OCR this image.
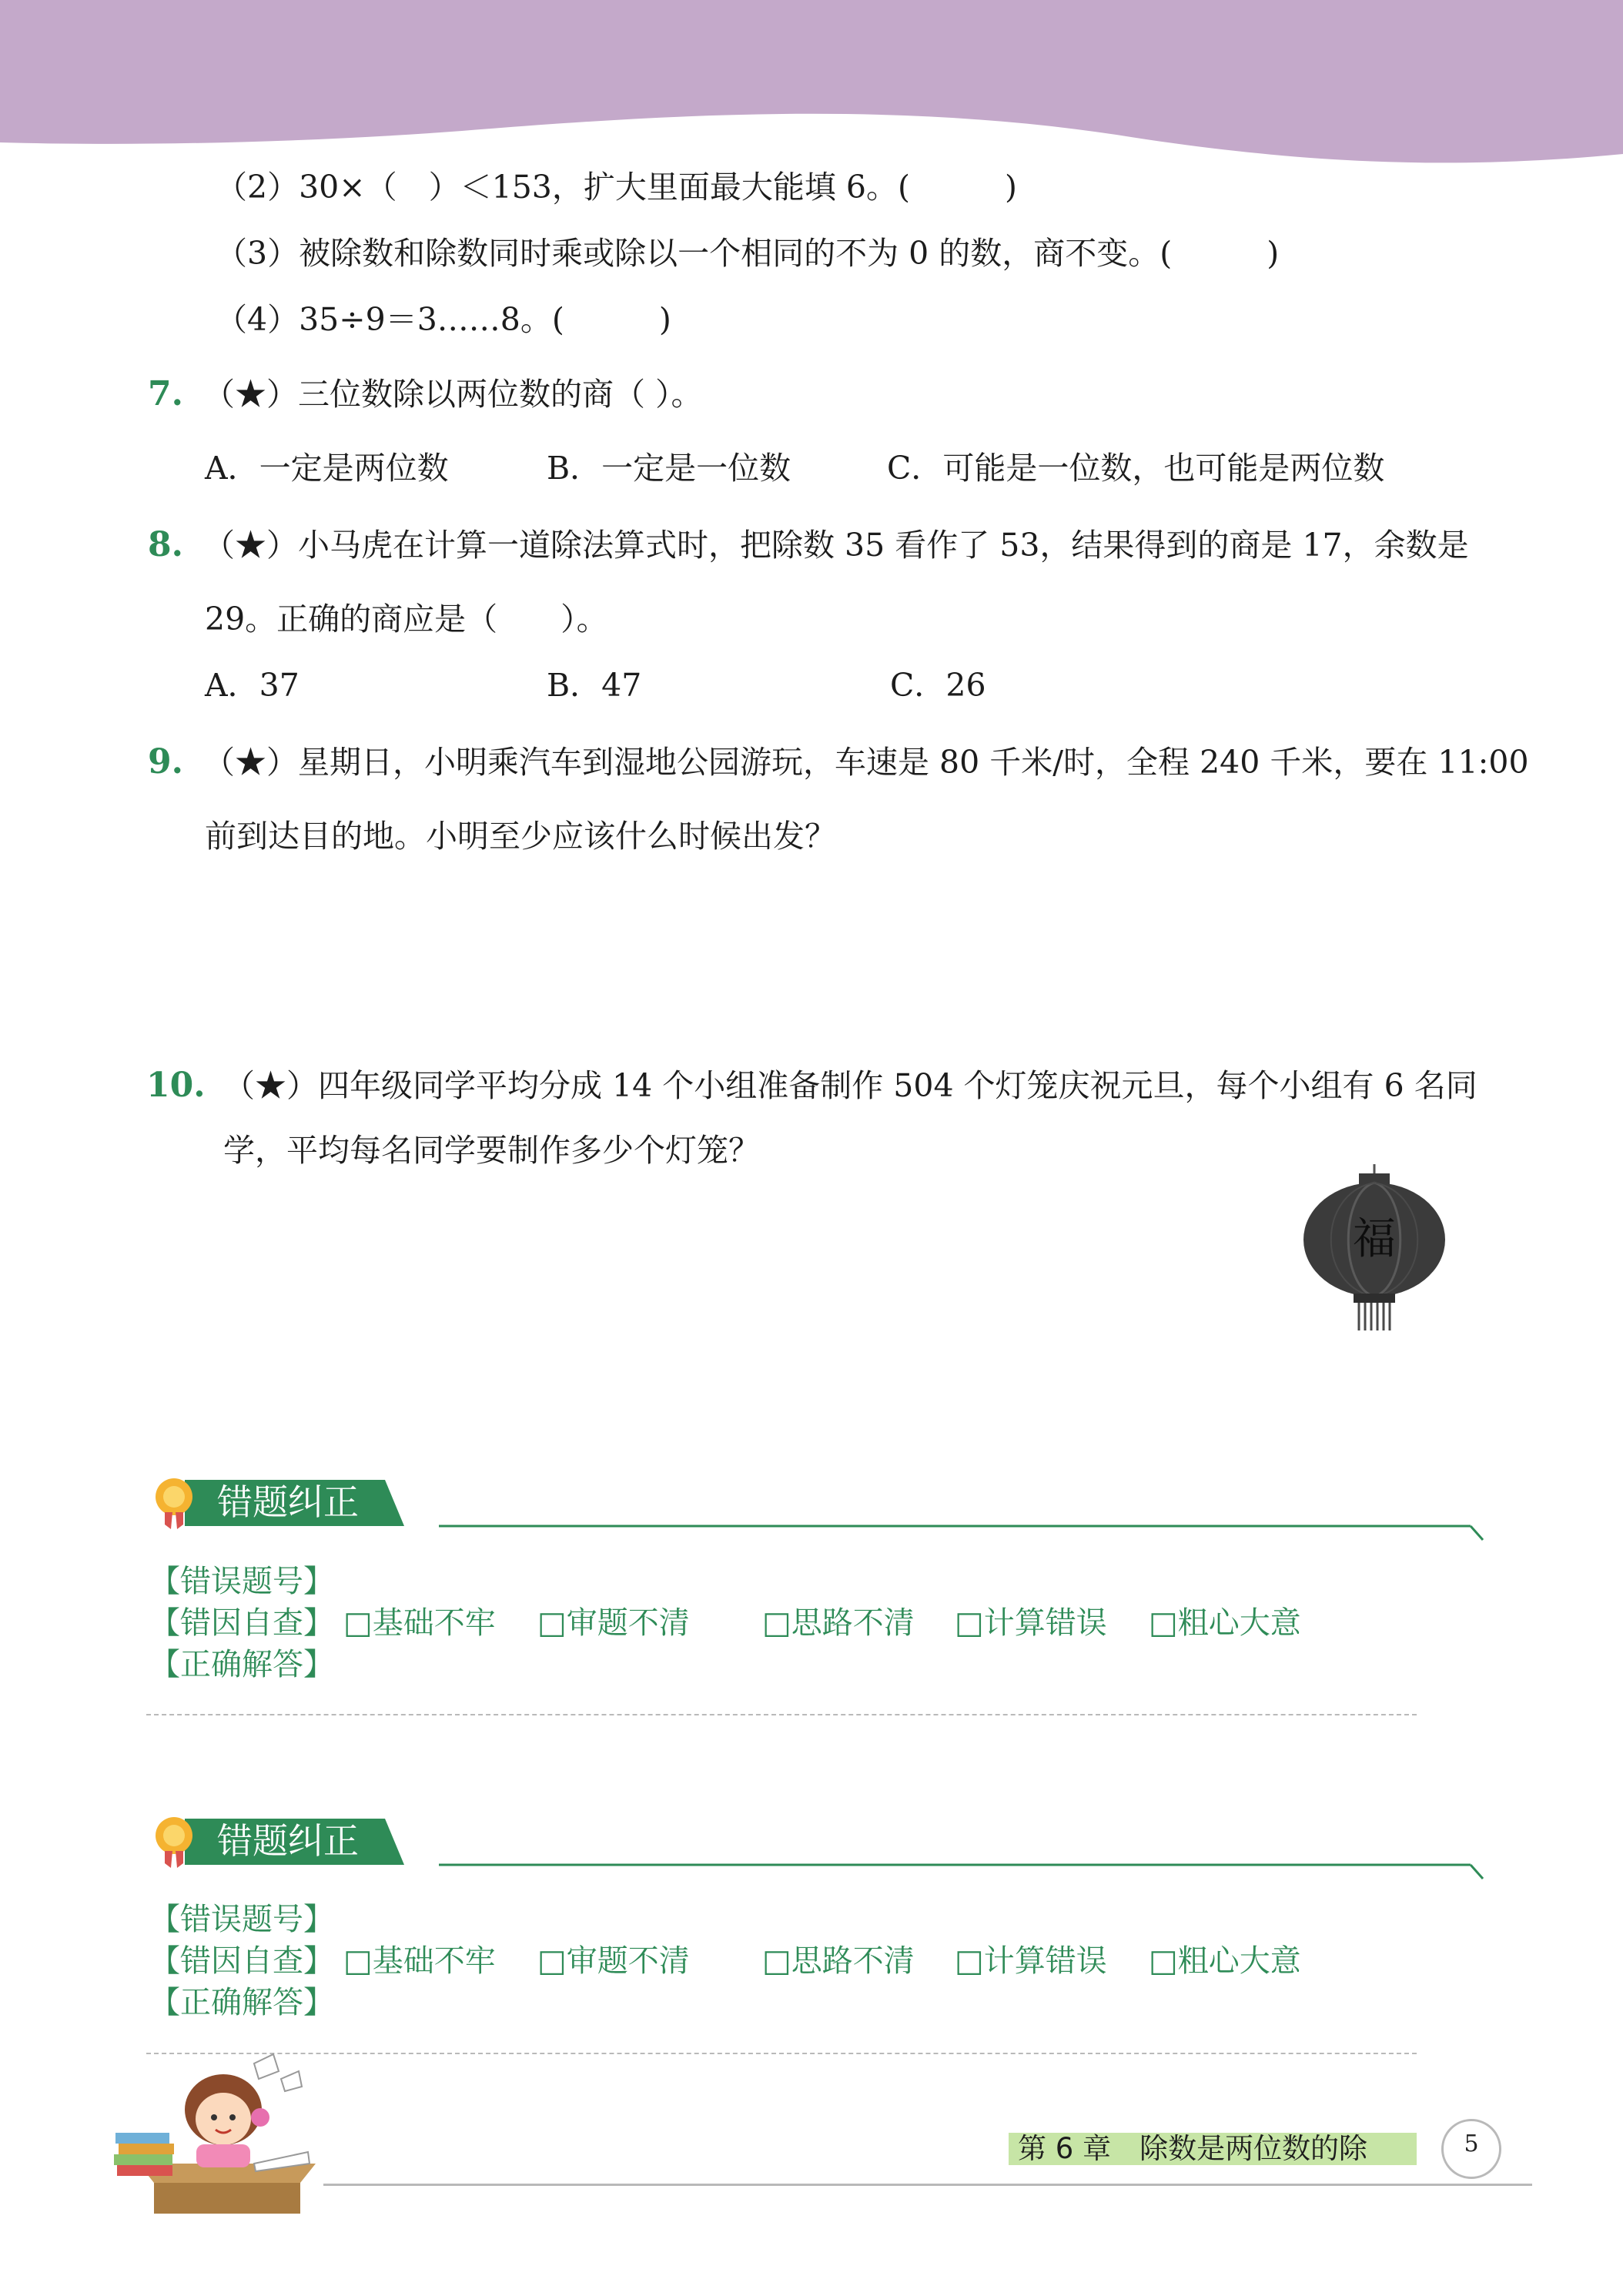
（2）30×（　）＜153，扩大里面最大能填 6。(　　　)
（3）被除数和除数同时乘或除以一个相同的不为 0 的数，商不变。(　　　)
（4）35÷9＝3……8。(　　　)
7. （★）三位数除以两位数的商（ ）。
A．一定是两位数	B．一定是一位数	C．可能是一位数，也可能是两位数
8. （★）小马虎在计算一道除法算式时，把除数 35 看作了 53，结果得到的商是 17，余数是
29。正确的商应是（　　）。
A．37	B．47	C．26
9. （★）星期日，小明乘汽车到湿地公园游玩，车速是 80 千米/时，全程 240 千米，要在 11:00
前到达目的地。小明至少应该什么时候出发？
10. （★）四年级同学平均分成 14 个小组准备制作 504 个灯笼庆祝元旦，每个小组有 6 名同
学，平均每名同学要制作多少个灯笼？
福
错题纠正
【错误题号】
【错因自查】 □基础不牢 □审题不清 □思路不清 □计算错误 □粗心大意
【正确解答】
错题纠正
【错误题号】
【错因自查】 □基础不牢 □审题不清 □思路不清 □计算错误 □粗心大意
【正确解答】
第 6 章　除数是两位数的除	5
